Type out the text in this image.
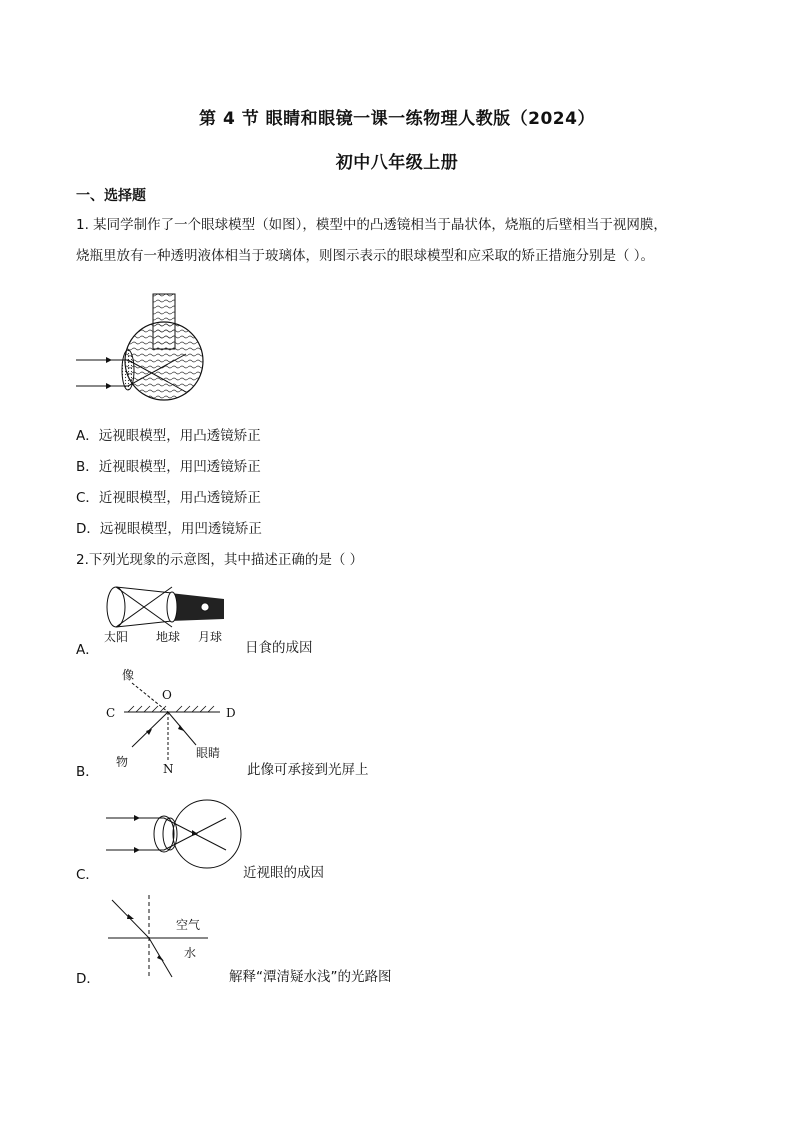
第 4 节 眼睛和眼镜一课一练物理人教版（2024）
初中八年级上册
一、选择题
1. 某同学制作了一个眼球模型（如图），模型中的凸透镜相当于晶状体，烧瓶的后壁相当于视网膜，
烧瓶里放有一种透明液体相当于玻璃体，则图示表示的眼球模型和应采取的矫正措施分别是（ ）。
A．远视眼模型，用凸透镜矫正
B．近视眼模型，用凹透镜矫正
C．近视眼模型，用凸透镜矫正
D．远视眼模型，用凹透镜矫正
2.下列光现象的示意图，其中描述正确的是（ ）
太阳 地球 月球
A．	日食的成因
像
O
C	D
物	N
眼睛
B．	此像可承接到光屏上
C．	近视眼的成因
空气
水
D．	解释“潭清疑水浅”的光路图
